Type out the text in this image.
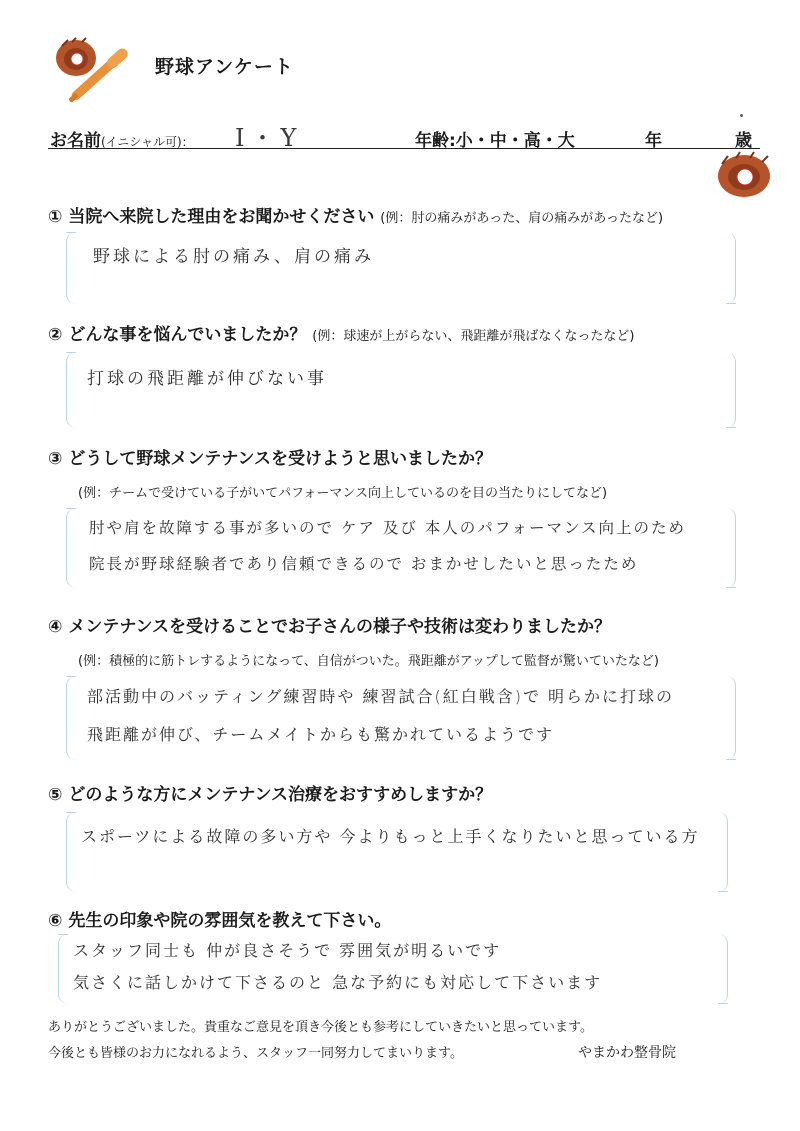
野球アンケート
お名前(イニシャル可)： I・Y	年齢:小・中・高・大	年	歳
① 当院へ来院した理由をお聞かせください (例：肘の痛みがあった、肩の痛みがあったなど)
野球による肘の痛み、肩の痛み
② どんな事を悩んでいましたか？ (例：球速が上がらない、飛距離が飛ばなくなったなど)
打球の飛距離が伸びない事
③ どうして野球メンテナンスを受けようと思いましたか？
(例：チームで受けている子がいてパフォーマンス向上しているのを目の当たりにしてなど)
肘や肩を故障する事が多いので ケア 及び 本人のパフォーマンス向上のため
院長が野球経験者であり信頼できるので おまかせしたいと思ったため
④ メンテナンスを受けることでお子さんの様子や技術は変わりましたか？
(例：積極的に筋トレするようになって、自信がついた。飛距離がアップして監督が驚いていたなど)
部活動中のバッティング練習時や 練習試合(紅白戦含)で 明らかに打球の
飛距離が伸び、チームメイトからも驚かれているようです
⑤ どのような方にメンテナンス治療をおすすめしますか？
スポーツによる故障の多い方や 今よりもっと上手くなりたいと思っている方
⑥ 先生の印象や院の雰囲気を教えて下さい。
スタッフ同士も 仲が良さそうで 雰囲気が明るいです
気さくに話しかけて下さるのと 急な予約にも対応して下さいます
ありがとうございました。貴重なご意見を頂き今後とも参考にしていきたいと思っています。
今後とも皆様のお力になれるよう、スタッフ一同努力してまいります。	やまかわ整骨院
